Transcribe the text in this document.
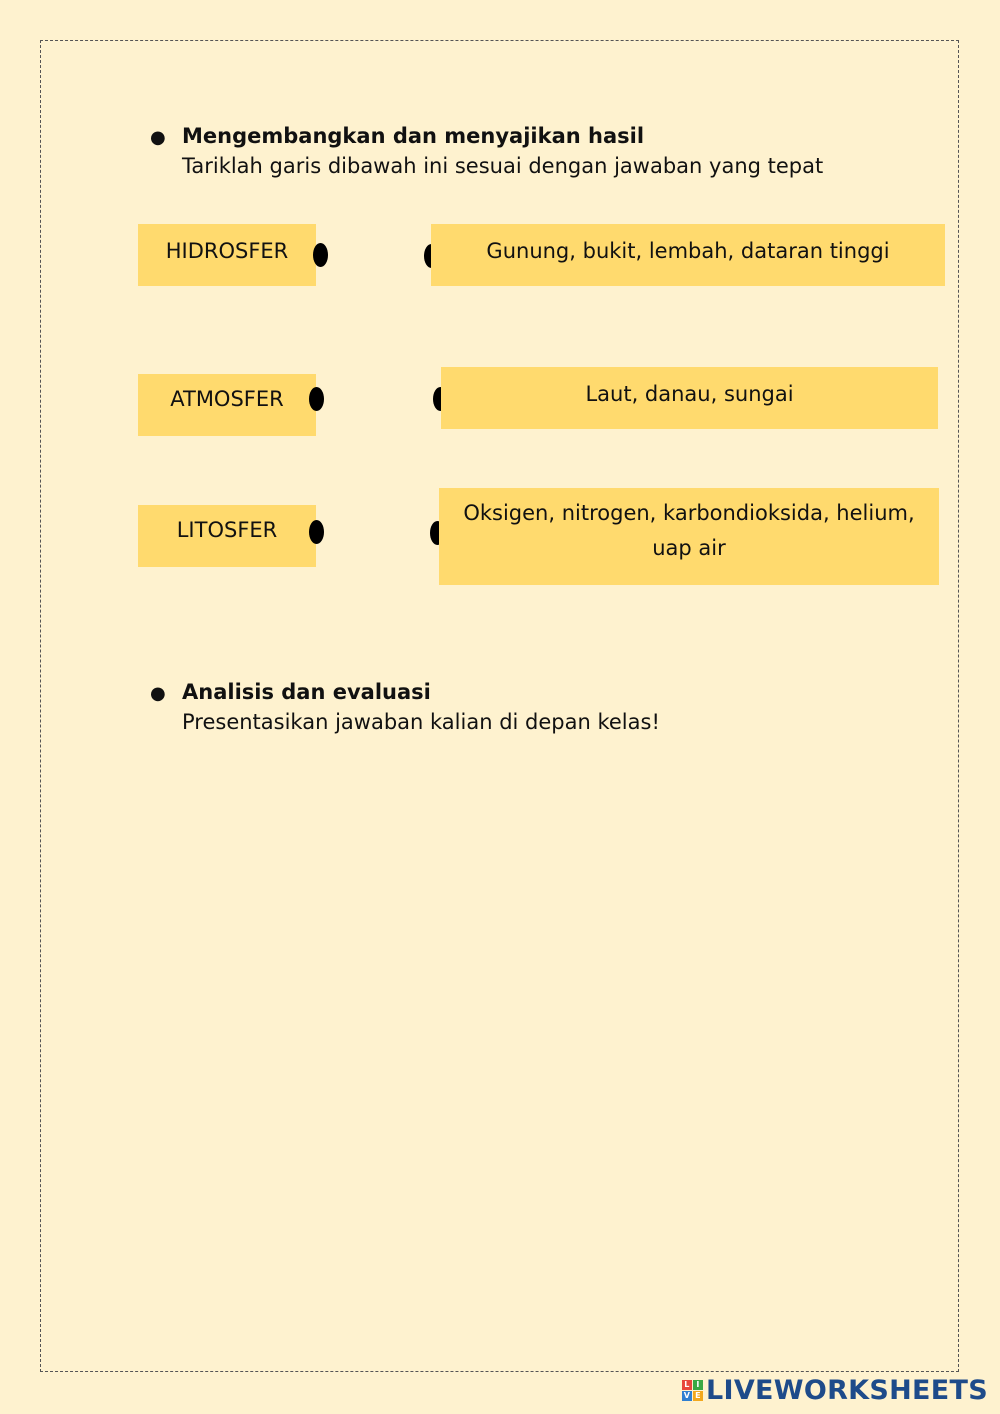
● Mengembangkan dan menyajikan hasil
Tariklah garis dibawah ini sesuai dengan jawaban yang tepat
HIDROSFER
ATMOSFER
LITOSFER
Gunung, bukit, lembah, dataran tinggi
Laut, danau, sungai
Oksigen, nitrogen, karbondioksida, helium, uap air
● Analisis dan evaluasi
Presentasikan jawaban kalian di depan kelas!
L I
V E LIVEWORKSHEETS
